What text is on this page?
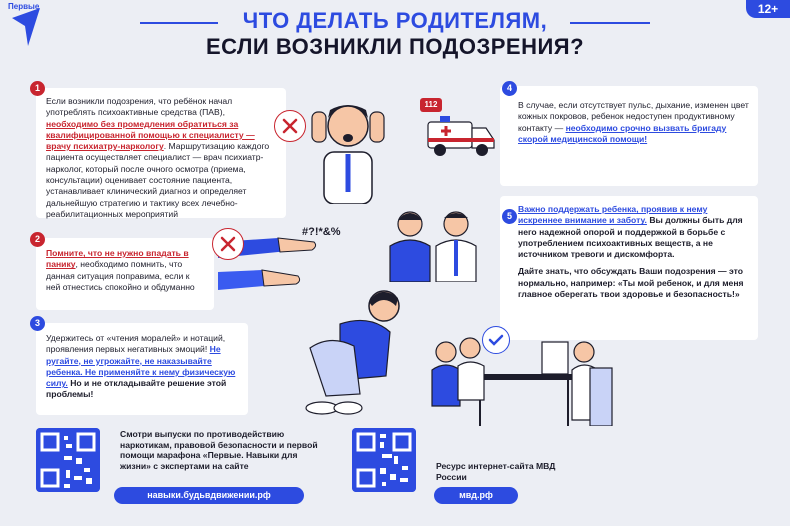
Первые	12+
ЧТО ДЕЛАТЬ РОДИТЕЛЯМ,
ЕСЛИ ВОЗНИКЛИ ПОДОЗРЕНИЯ?
1
Если возникли подозрения, что ребёнок начал употреблять психоактивные средства (ПАВ), необходимо без промедления обратиться за квалифицированной помощью к специалисту — врачу психиатру-наркологу. Маршрутизацию каждого пациента осуществляет специалист — врач психиатр-нарколог, который после очного осмотра (приема, консультации) оценивает состояние пациента, устанавливает клинический диагноз и определяет дальнейшую стратегию и тактику всех лечебно-реабилитационных мероприятий
2
Помните, что не нужно впадать в панику, необходимо помнить, что данная ситуация поправима, если к ней отнестись спокойно и обдуманно
3
Удержитесь от «чтения моралей» и нотаций, проявления первых негативных эмоций! Не ругайте, не угрожайте, не наказывайте ребенка. Не применяйте к нему физическую силу. Но и не откладывайте решение этой проблемы!
4
В случае, если отсутствует пульс, дыхание, изменен цвет кожных покровов, ребенок недоступен продуктивному контакту — необходимо срочно вызвать бригаду скорой медицинской помощи!
5

Важно поддержать ребенка, проявив к нему искреннее внимание и заботу. Вы должны быть для него надежной опорой и поддержкой в борьбе с употреблением психоактивных веществ, а не источником тревоги и дискомфорта.

Дайте знать, что обсуждать Ваши подозрения — это нормально, например: «Ты мой ребенок, и для меня главное оберегать твои здоровье и безопасность!»

#?!*&%
112
Смотри выпуски по противодействию наркотикам, правовой безопасности и первой помощи марафона «Первые. Навыки для жизни» с экспертами на сайте
навыки.будьвдвижении.рф
Ресурс интернет-сайта МВД России
мвд.рф
